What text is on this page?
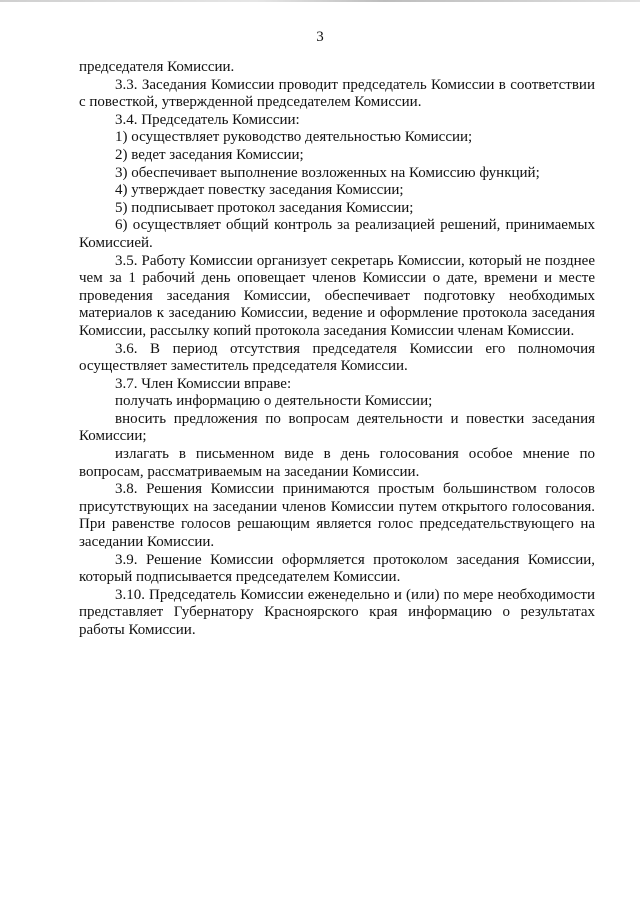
3

председателя Комиссии.

3.3. Заседания Комиссии проводит председатель Комиссии в соответствии с повесткой, утвержденной председателем Комиссии.

3.4. Председатель Комиссии:

1) осуществляет руководство деятельностью Комиссии;

2) ведет заседания Комиссии;

3) обеспечивает выполнение возложенных на Комиссию функций;

4) утверждает повестку заседания Комиссии;

5) подписывает протокол заседания Комиссии;

6) осуществляет общий контроль за реализацией решений, принимаемых Комиссией.

3.5. Работу Комиссии организует секретарь Комиссии, который не позднее чем за 1 рабочий день оповещает членов Комиссии о дате, времени и месте проведения заседания Комиссии, обеспечивает подготовку необходимых материалов к заседанию Комиссии, ведение и оформление протокола заседания Комиссии, рассылку копий протокола заседания Комиссии членам Комиссии.

3.6. В период отсутствия председателя Комиссии его полномочия осуществляет заместитель председателя Комиссии.

3.7. Член Комиссии вправе:

получать информацию о деятельности Комиссии;

вносить предложения по вопросам деятельности и повестки заседания Комиссии;

излагать в письменном виде в день голосования особое мнение по вопросам, рассматриваемым на заседании Комиссии.

3.8. Решения Комиссии принимаются простым большинством голосов присутствующих на заседании членов Комиссии путем открытого голосования. При равенстве голосов решающим является голос председательствующего на заседании Комиссии.

3.9. Решение Комиссии оформляется протоколом заседания Комиссии, который подписывается председателем Комиссии.

3.10. Председатель Комиссии еженедельно и (или) по мере необходимости представляет Губернатору Красноярского края информацию о результатах работы Комиссии.
